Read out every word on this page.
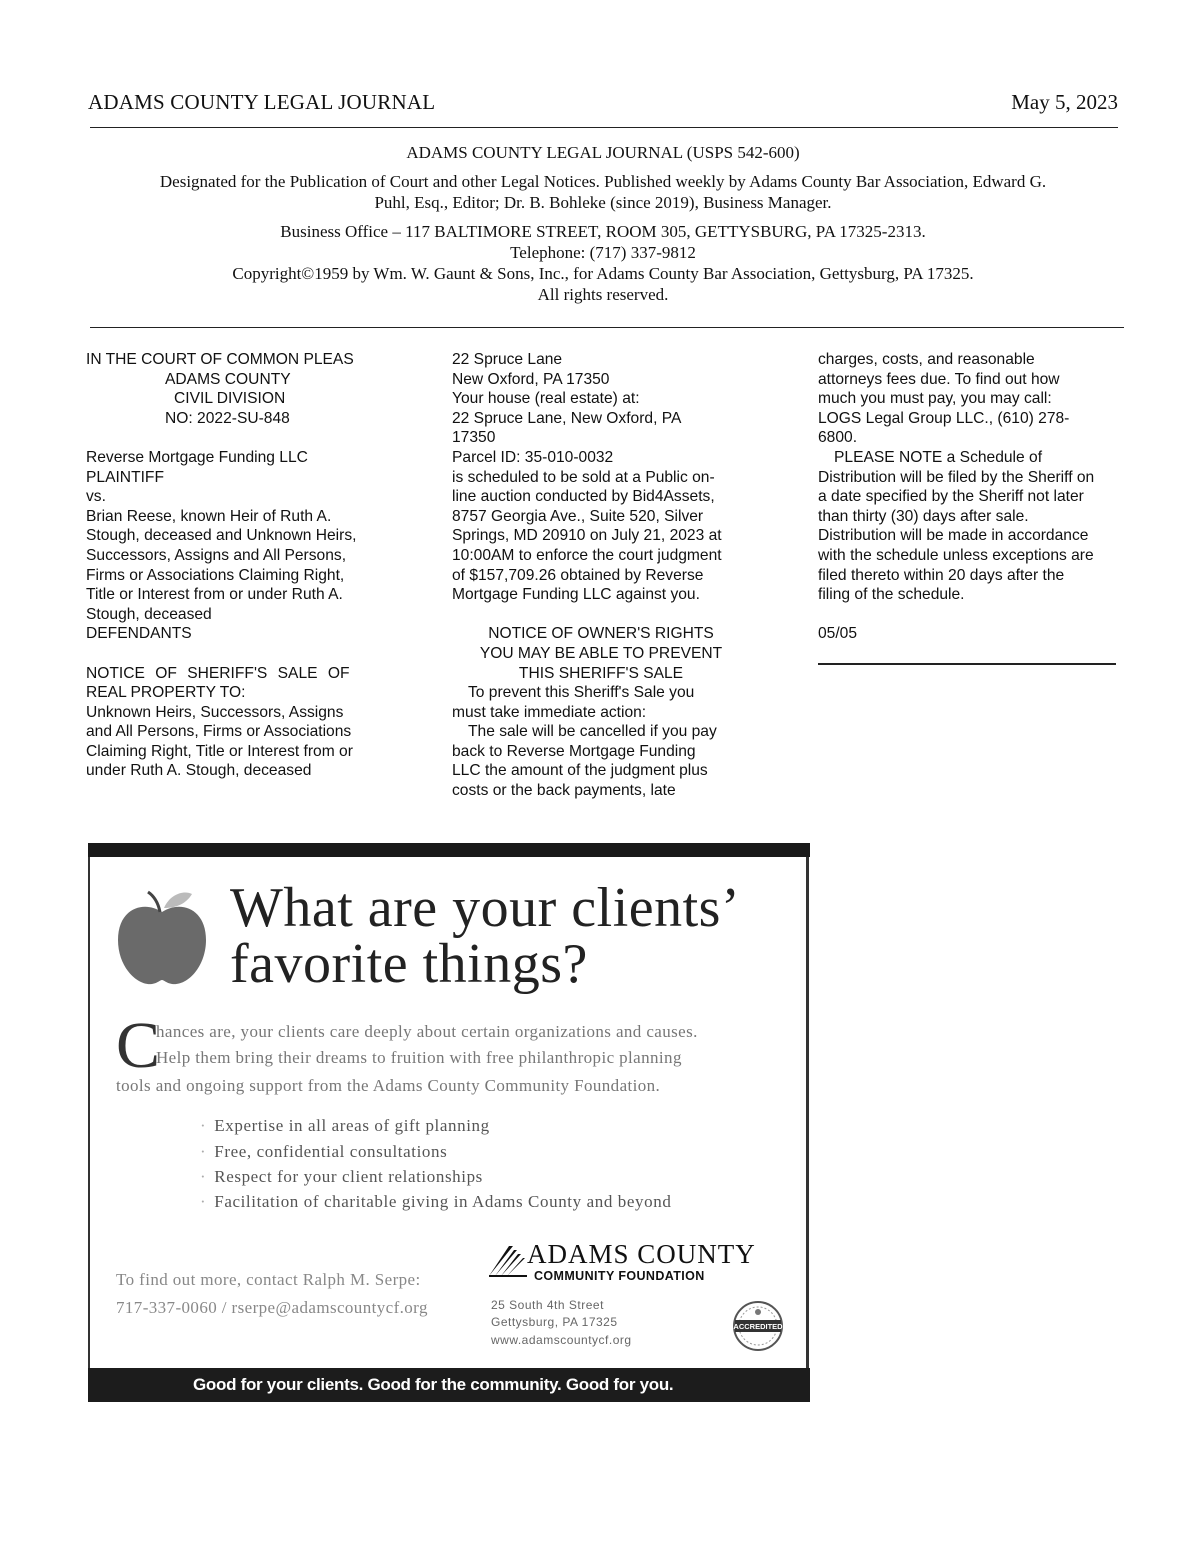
ADAMS COUNTY LEGAL JOURNAL	May 5, 2023

ADAMS COUNTY LEGAL JOURNAL (USPS 542-600)

Designated for the Publication of Court and other Legal Notices. Published weekly by Adams County Bar Association, Edward G.

Puhl, Esq., Editor; Dr. B. Bohleke (since 2019), Business Manager.

Business Office – 117 BALTIMORE STREET, ROOM 305, GETTYSBURG, PA 17325-2313.

Telephone: (717) 337-9812

Copyright©1959 by Wm. W. Gaunt & Sons, Inc., for Adams County Bar Association, Gettysburg, PA 17325.

All rights reserved.

IN THE COURT OF COMMON PLEAS

ADAMS COUNTY

CIVIL DIVISION

NO: 2022-SU-848

Reverse Mortgage Funding LLC

PLAINTIFF

vs.

Brian Reese, known Heir of Ruth A.

Stough, deceased and Unknown Heirs,

Successors, Assigns and All Persons,

Firms or Associations Claiming Right,

Title or Interest from or under Ruth A.

Stough, deceased

DEFENDANTS

NOTICE OF SHERIFF'S SALE OF

REAL PROPERTY TO:

Unknown Heirs, Successors, Assigns

and All Persons, Firms or Associations

Claiming Right, Title or Interest from or

under Ruth A. Stough, deceased

22 Spruce Lane

New Oxford, PA 17350

Your house (real estate) at:

22 Spruce Lane, New Oxford, PA

17350

Parcel ID: 35-010-0032

is scheduled to be sold at a Public on-

line auction conducted by Bid4Assets,

8757 Georgia Ave., Suite 520, Silver

Springs, MD 20910 on July 21, 2023 at

10:00AM to enforce the court judgment

of $157,709.26 obtained by Reverse

Mortgage Funding LLC against you.

NOTICE OF OWNER'S RIGHTS

YOU MAY BE ABLE TO PREVENT

THIS SHERIFF'S SALE

To prevent this Sheriff's Sale you

must take immediate action:

The sale will be cancelled if you pay

back to Reverse Mortgage Funding

LLC the amount of the judgment plus

costs or the back payments, late

charges, costs, and reasonable

attorneys fees due. To find out how

much you must pay, you may call:

LOGS Legal Group LLC., (610) 278-

6800.

PLEASE NOTE a Schedule of

Distribution will be filed by the Sheriff on

a date specified by the Sheriff not later

than thirty (30) days after sale.

Distribution will be made in accordance

with the schedule unless exceptions are

filed thereto within 20 days after the

filing of the schedule.

05/05

What are your clients’
favorite things?
C
hances are, your clients care deeply about certain organizations and causes.
Help them bring their dreams to fruition with free philanthropic planning
tools and ongoing support from the Adams County Community Foundation.
· Expertise in all areas of gift planning
· Free, confidential consultations
· Respect for your client relationships
· Facilitation of charitable giving in Adams County and beyond
To find out more, contact Ralph M. Serpe:
717-337-0060 / rserpe@adamscountycf.org
ADAMS COUNTY
COMMUNITY FOUNDATION
25 South 4th Street
Gettysburg, PA 17325
www.adamscountycf.org
ACCREDITED
Good for your clients. Good for the community. Good for you.
